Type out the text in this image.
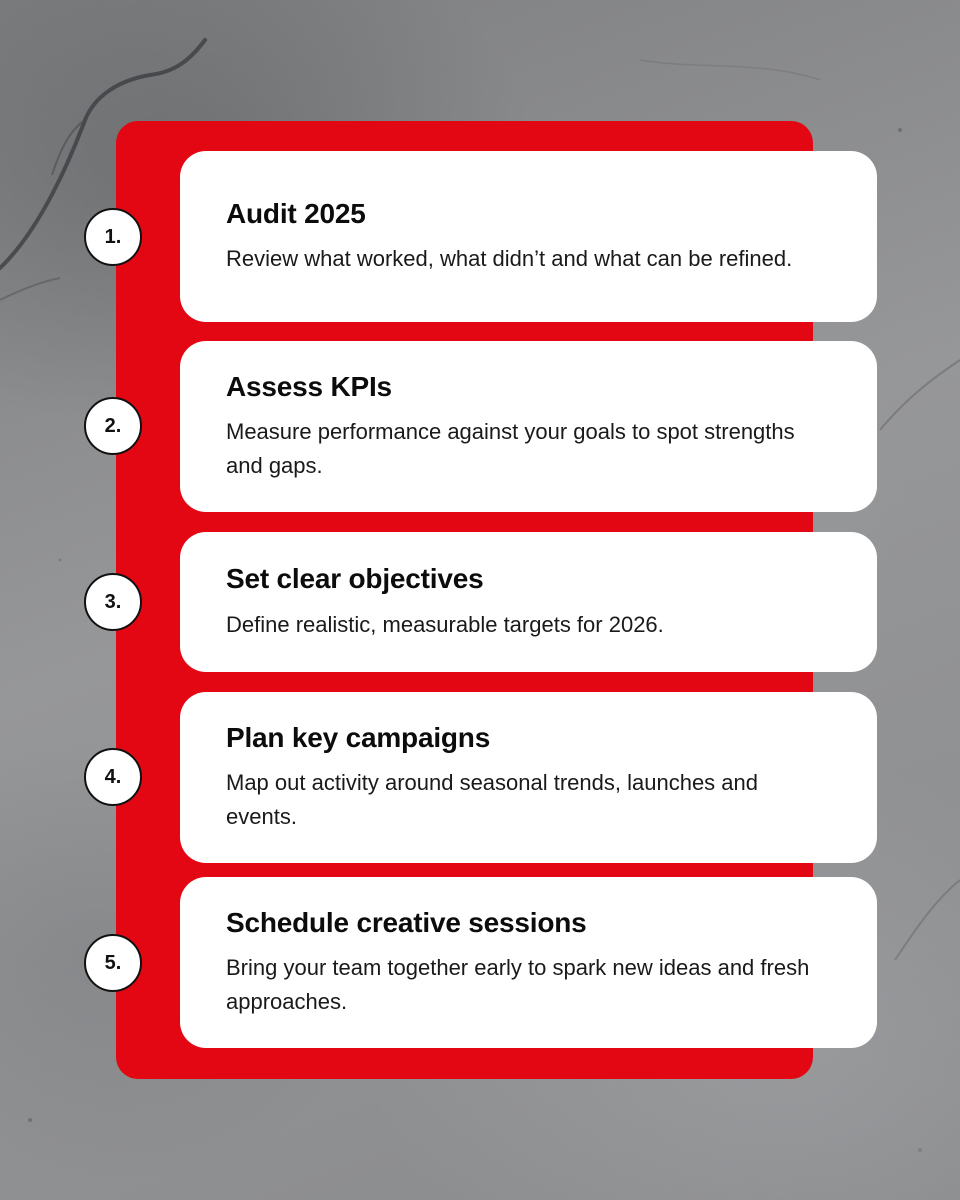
Audit 2025

Review what worked, what didn’t and what can be refined.

1.
Assess KPIs

Measure performance against your goals to spot strengths and gaps.

2.
Set clear objectives

Define realistic, measurable targets for 2026.

3.
Plan key campaigns

Map out activity around seasonal trends, launches and events.

4.
Schedule creative sessions

Bring your team together early to spark new ideas and fresh approaches.

5.
